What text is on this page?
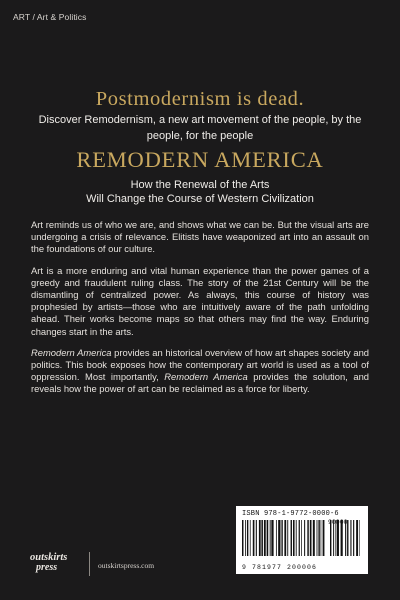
ART / Art & Politics
Postmodernism is dead.
Discover Remodernism, a new art movement of the people, by the people, for the people
REMODERN AMERICA
How the Renewal of the Arts
Will Change the Course of Western Civilization

Art reminds us of who we are, and shows what we can be. But the visual arts are undergoing a crisis of relevance. Elitists have weaponized art into an assault on the foundations of our culture.

Art is a more enduring and vital human experience than the power games of a greedy and fraudulent ruling class. The story of the 21st Century will be the dismantling of centralized power. As always, this course of history was prophesied by artists—those who are intuitively aware of the path unfolding ahead. Their works become maps so that others may find the way. Enduring changes start in the arts.

Remodern America provides an historical overview of how art shapes society and politics. This book exposes how the contemporary art world is used as a tool of oppression. Most importantly, Remodern America provides the solution, and reveals how the power of art can be reclaimed as a force for liberty.

ISBN 978-1-9772-0000-6
90000
9 781977 200006
outskirts
press	outskirtspress.com
